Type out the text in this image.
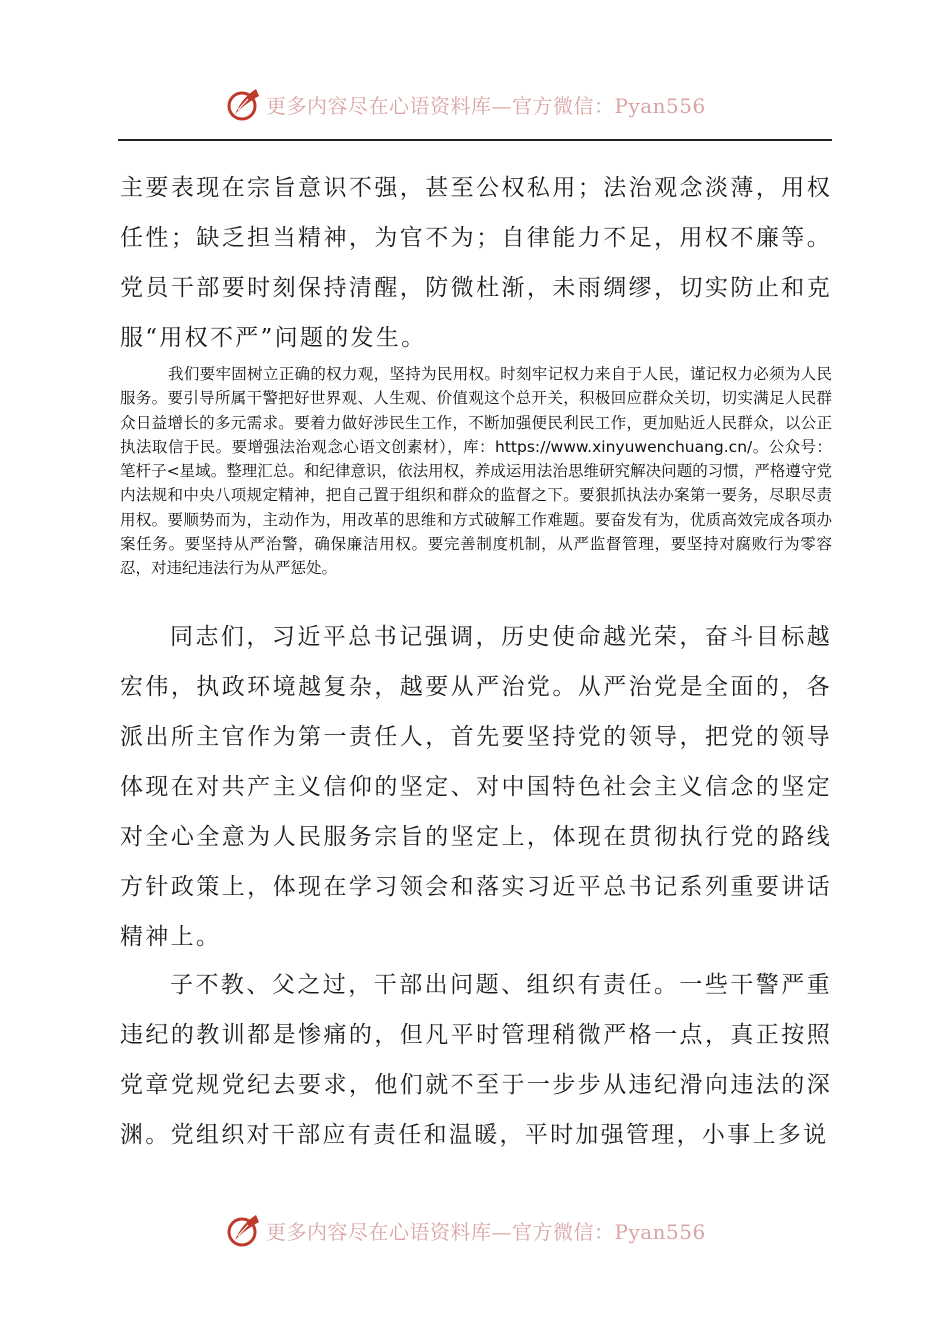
更多内容尽在心语资料库—官方微信：Pyan556

主要表现在宗旨意识不强，甚至公权私用；法治观念淡薄，用权任性；缺乏担当精神，为官不为；自律能力不足，用权不廉等。党员干部要时刻保持清醒，防微杜渐，未雨绸缪，切实防止和克服“用权不严”问题的发生。

我们要牢固树立正确的权力观，坚持为民用权。时刻牢记权力来自于人民，谨记权力必须为人民服务。要引导所属干警把好世界观、人生观、价值观这个总开关，积极回应群众关切，切实满足人民群众日益增长的多元需求。要着力做好涉民生工作，不断加强便民利民工作，更加贴近人民群众，以公正执法取信于民。要增强法治观念心语文创素材），库：https://www.xinyuwenchuang.cn/。公众号：笔杆子<星域。整理汇总。和纪律意识，依法用权，养成运用法治思维研究解决问题的习惯，严格遵守党内法规和中央八项规定精神，把自己置于组织和群众的监督之下。要狠抓执法办案第一要务，尽职尽责用权。要顺势而为，主动作为，用改革的思维和方式破解工作难题。要奋发有为，优质高效完成各项办案任务。要坚持从严治警，确保廉洁用权。要完善制度机制，从严监督管理，要坚持对腐败行为零容忍，对违纪违法行为从严惩处。

同志们，习近平总书记强调，历史使命越光荣，奋斗目标越宏伟，执政环境越复杂，越要从严治党。从严治党是全面的，各派出所主官作为第一责任人，首先要坚持党的领导，把党的领导体现在对共产主义信仰的坚定、对中国特色社会主义信念的坚定对全心全意为人民服务宗旨的坚定上，体现在贯彻执行党的路线方针政策上，体现在学习领会和落实习近平总书记系列重要讲话精神上。

子不教、父之过，干部出问题、组织有责任。一些干警严重违纪的教训都是惨痛的，但凡平时管理稍微严格一点，真正按照党章党规党纪去要求，他们就不至于一步步从违纪滑向违法的深渊。党组织对干部应有责任和温暖，平时加强管理，小事上多说

更多内容尽在心语资料库—官方微信：Pyan556
